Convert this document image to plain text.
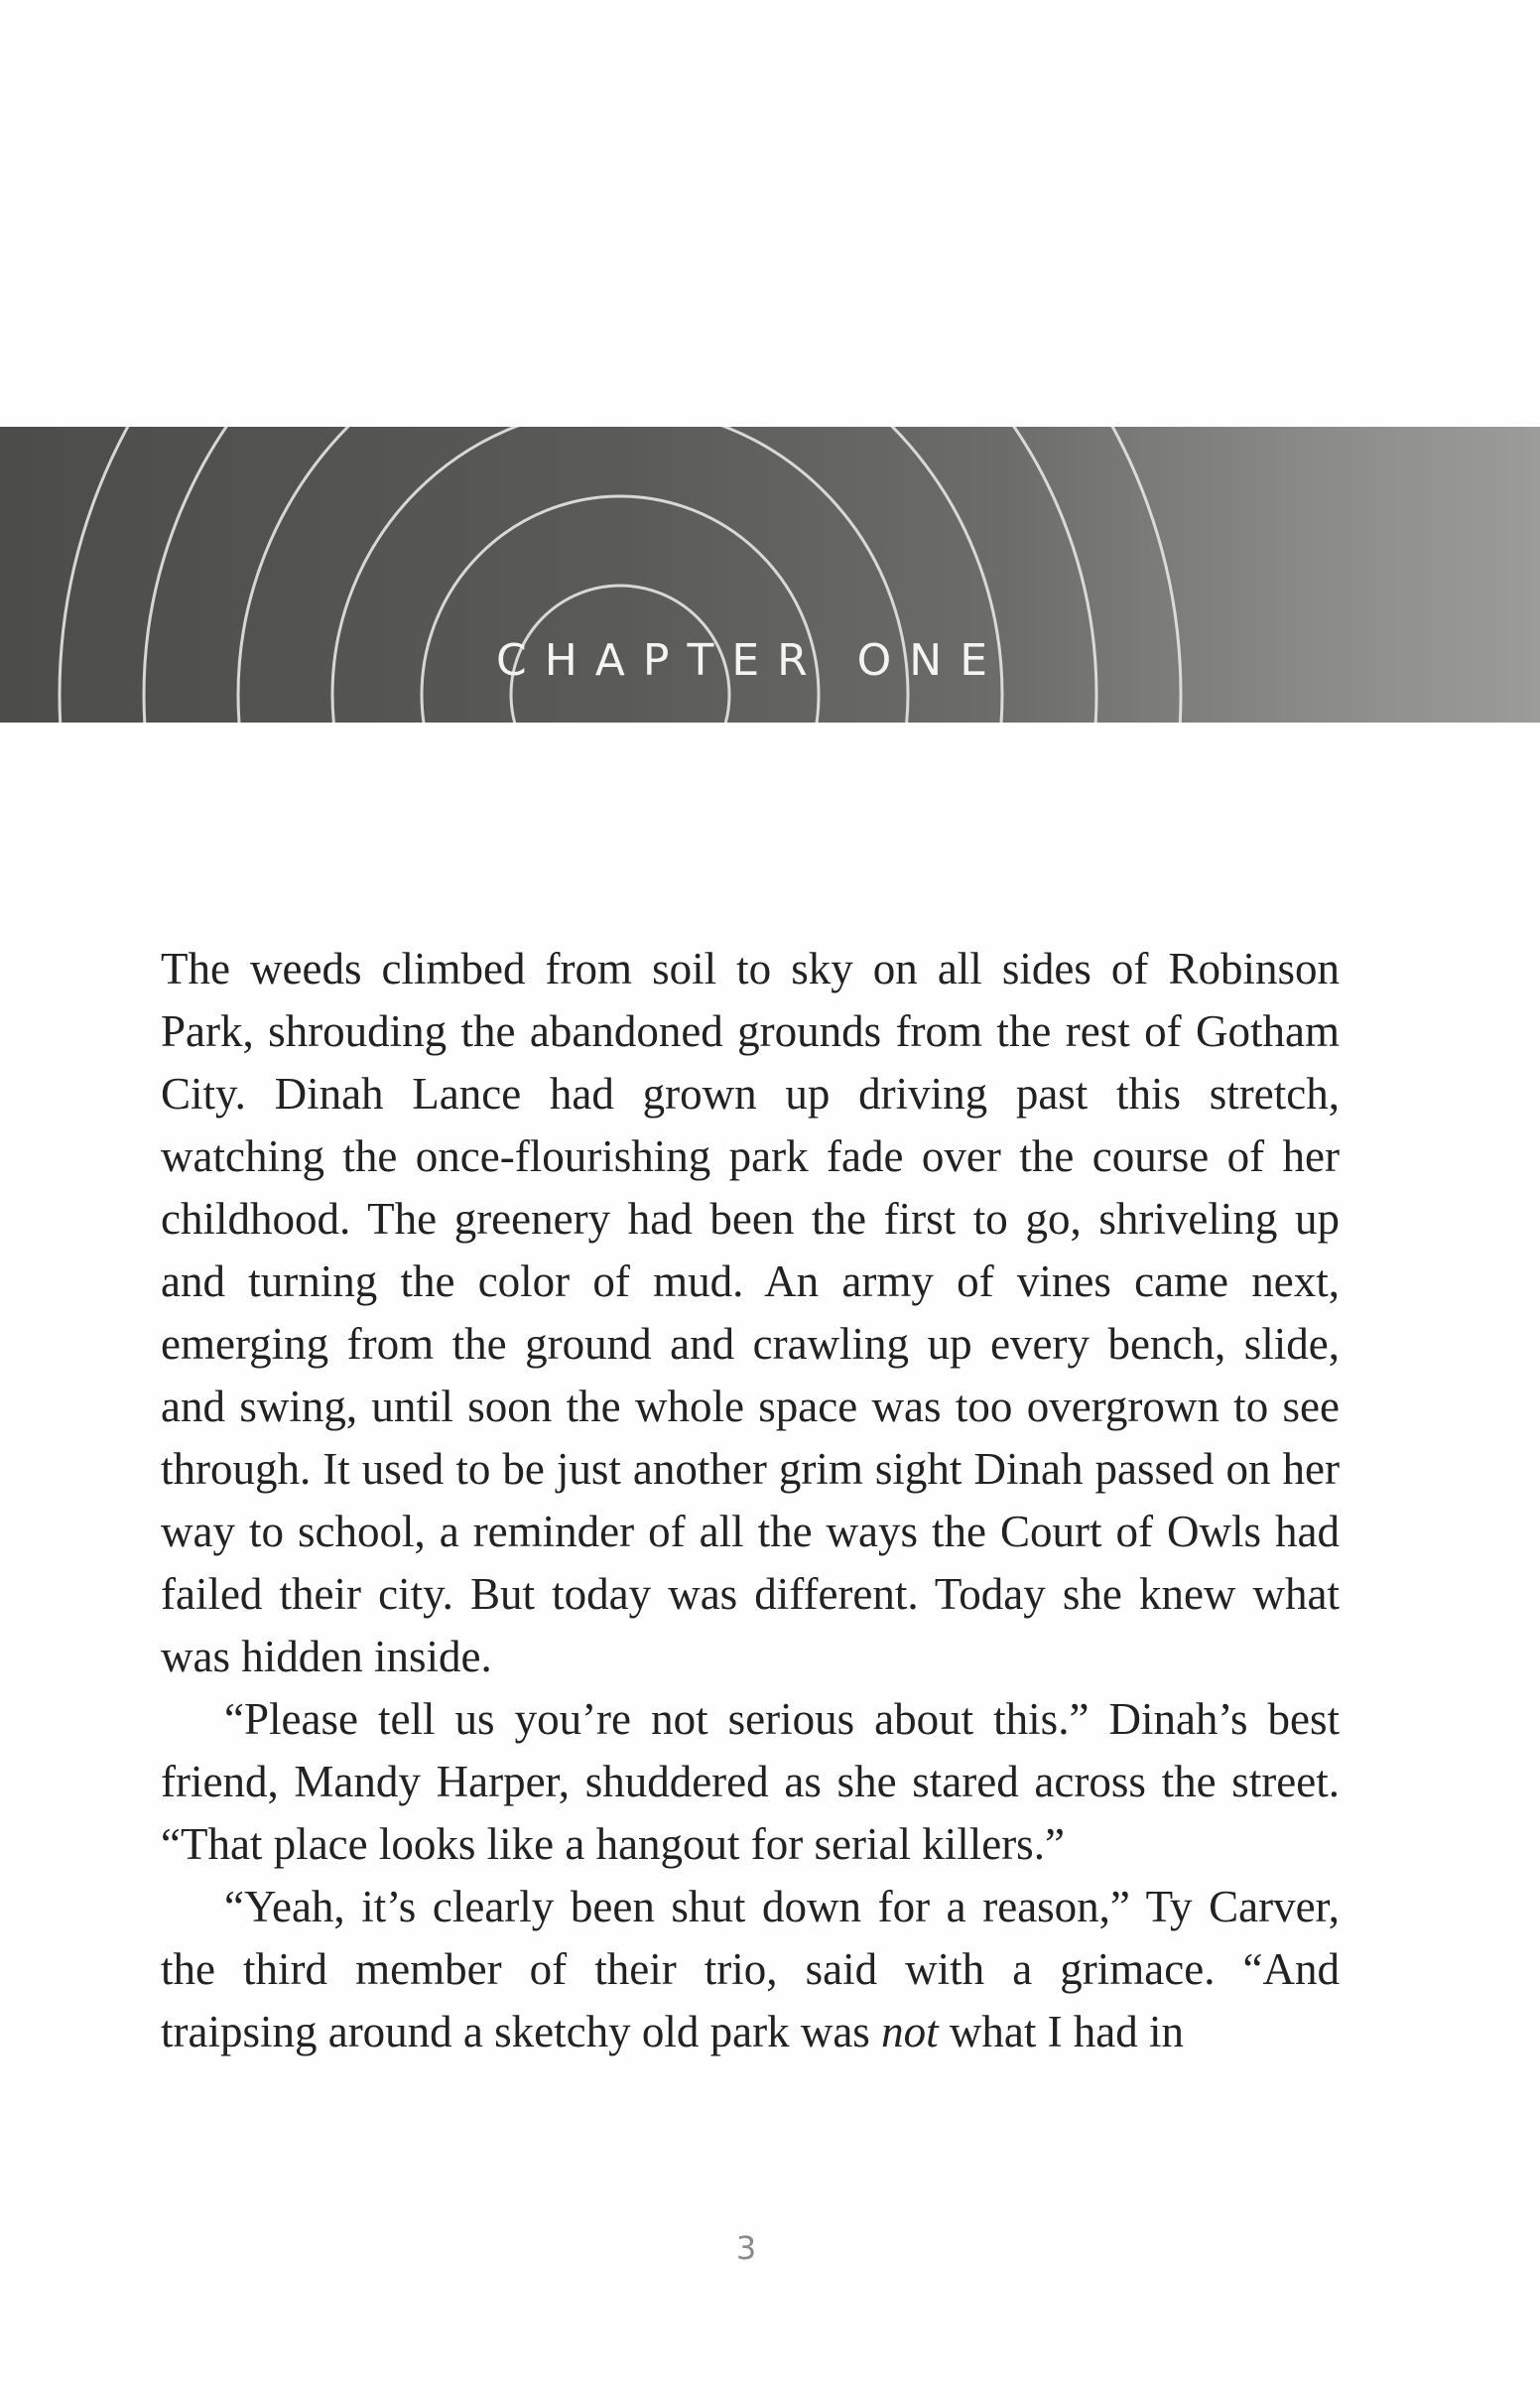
CHAPTER ONE

The weeds climbed from soil to sky on all sides of Robinson Park, shrouding the abandoned grounds from the rest of Gotham City. Dinah Lance had grown up driving past this stretch, watching the once-flourishing park fade over the course of her childhood. The greenery had been the first to go, shriveling up and turning the color of mud. An army of vines came next, emerging from the ground and crawling up every bench, slide, and swing, until soon the whole space was too overgrown to see through. It used to be just another grim sight Dinah passed on her way to school, a reminder of all the ways the Court of Owls had failed their city. But today was different. Today she knew what was hidden inside.

“Please tell us you’re not serious about this.” Dinah’s best friend, Mandy Harper, shuddered as she stared across the street. “That place looks like a hangout for serial killers.”

“Yeah, it’s clearly been shut down for a reason,” Ty Carver, the third member of their trio, said with a grimace. “And traipsing around a sketchy old park was not what I had in

3
